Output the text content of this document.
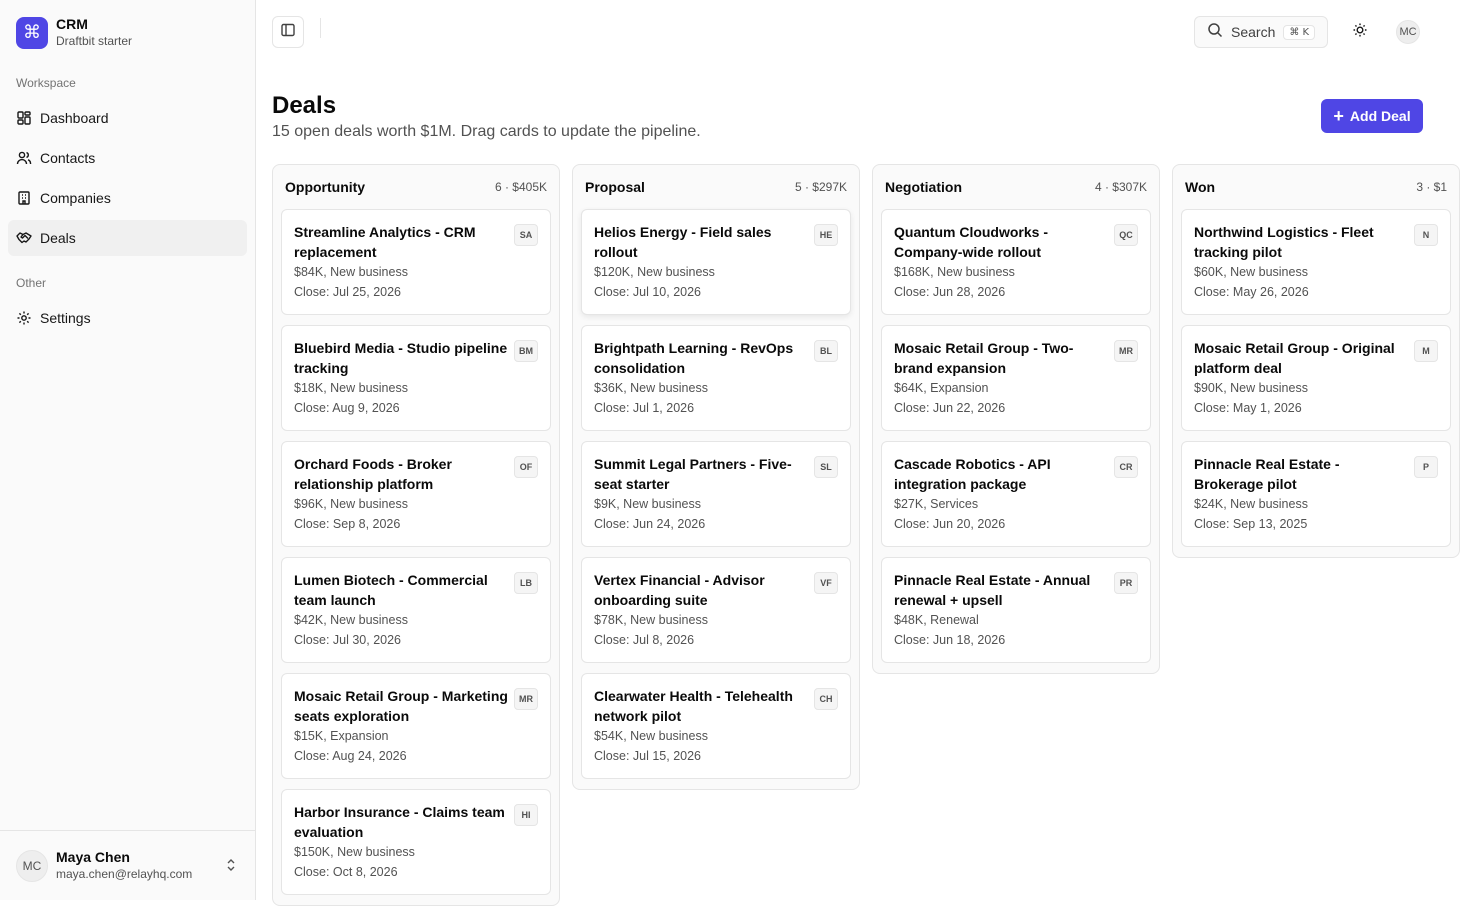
⌘	CRM
Draftbit starter
Workspace
Dashboard
Contacts
Companies
Deals
Other
Settings
MC
Maya Chen
maya.chen@relayhq.com
Search	⌘ K	MC
Deals
15 open deals worth $1M. Drag cards to update the pipeline.
+ Add Deal
Opportunity	6 · $405K
Streamline Analytics - CRM replacement
$84K, New business
Close: Jul 25, 2026
SA
Bluebird Media - Studio pipeline tracking
$18K, New business
Close: Aug 9, 2026
BM
Orchard Foods - Broker relationship platform
$96K, New business
Close: Sep 8, 2026
OF
Lumen Biotech - Commercial team launch
$42K, New business
Close: Jul 30, 2026
LB
Mosaic Retail Group - Marketing seats exploration
$15K, Expansion
Close: Aug 24, 2026
MR
Harbor Insurance - Claims team evaluation
$150K, New business
Close: Oct 8, 2026
HI
Proposal	5 · $297K
Helios Energy - Field sales rollout
$120K, New business
Close: Jul 10, 2026
HE
Brightpath Learning - RevOps consolidation
$36K, New business
Close: Jul 1, 2026
BL
Summit Legal Partners - Five-seat starter
$9K, New business
Close: Jun 24, 2026
SL
Vertex Financial - Advisor onboarding suite
$78K, New business
Close: Jul 8, 2026
VF
Clearwater Health - Telehealth network pilot
$54K, New business
Close: Jul 15, 2026
CH
Negotiation	4 · $307K
Quantum Cloudworks - Company-wide rollout
$168K, New business
Close: Jun 28, 2026
QC
Mosaic Retail Group - Two-brand expansion
$64K, Expansion
Close: Jun 22, 2026
MR
Cascade Robotics - API integration package
$27K, Services
Close: Jun 20, 2026
CR
Pinnacle Real Estate - Annual renewal + upsell
$48K, Renewal
Close: Jun 18, 2026
PR
Won	3 · $1
Northwind Logistics - Fleet tracking pilot
$60K, New business
Close: May 26, 2026
N
Mosaic Retail Group - Original platform deal
$90K, New business
Close: May 1, 2026
M
Pinnacle Real Estate - Brokerage pilot
$24K, New business
Close: Sep 13, 2025
P
